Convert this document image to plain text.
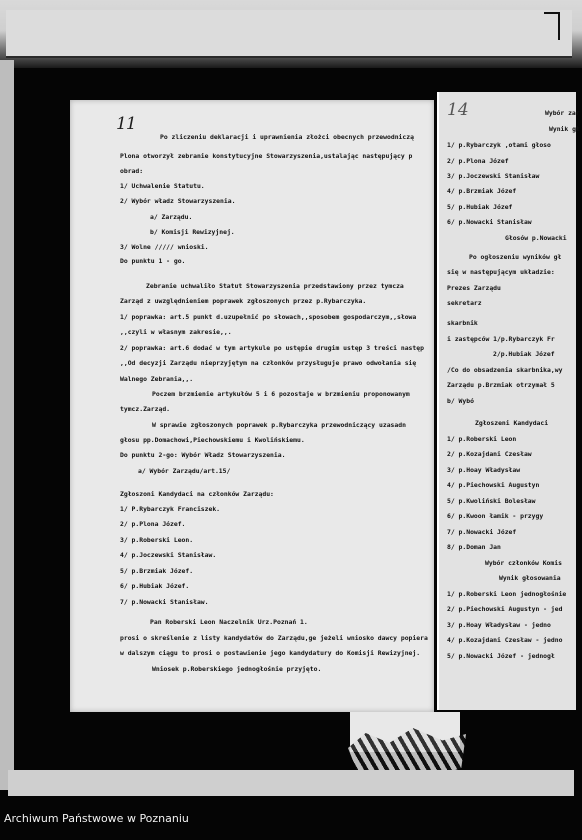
11
Po zliczeniu deklaracji i uprawnienia złożci obecnych przewodniczą
Plona otworzył zebranie konstytucyjne Stowarzyszenia,ustalając następujący p
obrad:
1/ Uchwalenie Statutu.
2/ Wybór władz Stowarzyszenia.
a/ Zarządu.
b/ Komisji Rewizyjnej.
3/ Wolne ///// wnioski.
Do punktu 1 - go.
Zebranie uchwaliło Statut Stowarzyszenia przedstawiony przez tymcza
Zarząd z uwzględnieniem poprawek zgłoszonych przez p.Rybarczyka.
1/ poprawka: art.5 punkt d.uzupełnić po słowach,,sposobem gospodarczym,,słowa
,,czyli w własnym zakresie,,.
2/ poprawka: art.6 dodać w tym artykule po ustępie drugim ustęp 3 treści następ
,,Od decyzji Zarządu nieprzyjętym na członków przysługuje prawo odwołania się
Walnego Zebrania,,.
Poczem brzmienie artykułów 5 i 6 pozostaje w brzmieniu proponowanym
tymcz.Zarząd.
W sprawie zgłoszonych poprawek p.Rybarczyka przewodniczący uzasadn
głosu pp.Domachowi,Piechowskiemu i Kwolińskiemu.
Do punktu 2-go: Wybór Władz Stowarzyszenia.
a/ Wybór Zarządu/art.15/
Zgłoszoni Kandydaci na członków Zarządu:
1/ P.Rybarczyk Franciszek.
2/ p.Plona Józef.
3/ p.Roberski Leon.
4/ p.Joczewski Stanisław.
5/ p.Brzmiak Józef.
6/ p.Hubiak Józef.
7/ p.Nowacki Stanisław.
Pan Roberski Leon Naczelnik Urz.Poznań 1.
prosi o skreślenie z listy kandydatów do Zarządu,ge jeżeli wniosko dawcy popiera
w dalszym ciągu to prosi o postawienie jego kandydatury do Komisji Rewizyjnej.
Wniosek p.Roberskiego jednogłośnie przyjęto.
14	Wybór zar
Wynik gł
1/ p.Rybarczyk ,otami głoso
2/ p.Plona Józef
3/ p.Joczewski Stanisław
4/ p.Brzmiak Józef
5/ p.Hubiak Józef
6/ p.Nowacki Stanisław
Głosów p.Nowacki
Po ogłoszeniu wyników gł
się w następującym układzie:
Prezes Zarządu
sekretarz
skarbnik
i zastępców 1/p.Rybarczyk Fr
2/p.Hubiak Józef
/Co do obsadzenia skarbnika,wy
Zarządu p.Brzmiak otrzymał 5
b/ Wybó
Zgłoszeni Kandydaci
1/ p.Roberski Leon
2/ p.Kozajdani Czesław
3/ p.Hoay Władysław
4/ p.Piechowski Augustyn
5/ p.Kwoliński Bolesław
6/ p.Kwoon łamik - przygy
7/ p.Nowacki Józef
8/ p.Doman Jan
Wybór członków Komis
Wynik głosowania
1/ p.Roberski Leon jednogłośnie
2/ p.Piechowski Augustyn - jed
3/ p.Hoay Władysław - jedno
4/ p.Kozajdani Czesław - jedno
5/ p.Nowacki Józef - jednogł
Archiwum Państwowe w Poznaniu
